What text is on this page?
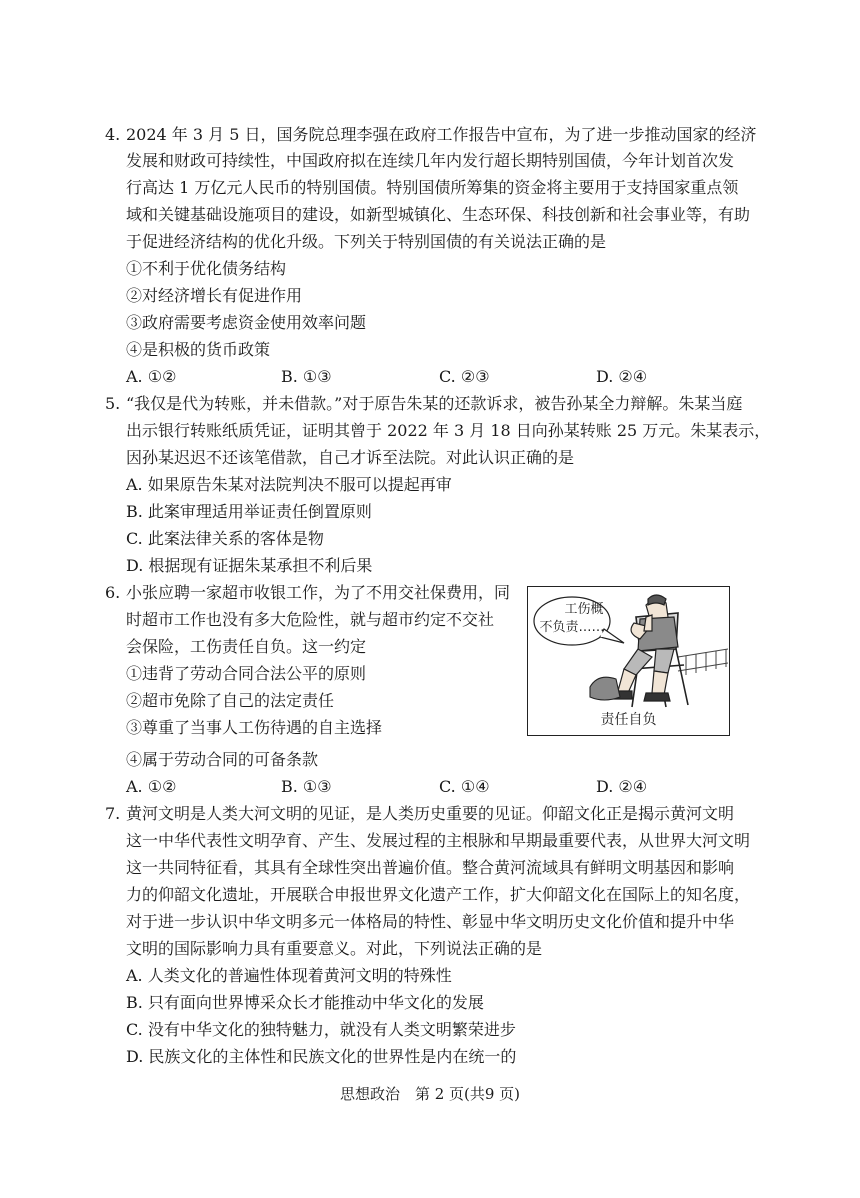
4. 2024 年 3 月 5 日，国务院总理李强在政府工作报告中宣布，为了进一步推动国家的经济
发展和财政可持续性，中国政府拟在连续几年内发行超长期特别国债，今年计划首次发
行高达 1 万亿元人民币的特别国债。特别国债所筹集的资金将主要用于支持国家重点领
域和关键基础设施项目的建设，如新型城镇化、生态环保、科技创新和社会事业等，有助
于促进经济结构的优化升级。下列关于特别国债的有关说法正确的是
①不利于优化债务结构
②对经济增长有促进作用
③政府需要考虑资金使用效率问题
④是积极的货币政策
A. ①②	B. ①③	C. ②③	D. ②④
5. “我仅是代为转账，并未借款。”对于原告朱某的还款诉求，被告孙某全力辩解。朱某当庭
出示银行转账纸质凭证，证明其曾于 2022 年 3 月 18 日向孙某转账 25 万元。朱某表示，
因孙某迟迟不还该笔借款，自己才诉至法院。对此认识正确的是
A. 如果原告朱某对法院判决不服可以提起再审
B. 此案审理适用举证责任倒置原则
C. 此案法律关系的客体是物
D. 根据现有证据朱某承担不利后果
6. 小张应聘一家超市收银工作，为了不用交社保费用，同
时超市工作也没有多大危险性，就与超市约定不交社
会保险，工伤责任自负。这一约定
①违背了劳动合同合法公平的原则
②超市免除了自己的法定责任
③尊重了当事人工伤待遇的自主选择
④属于劳动合同的可备条款
A. ①②	B. ①③	C. ①④	D. ②④
工伤概
不负责……
责任自负
7. 黄河文明是人类大河文明的见证，是人类历史重要的见证。仰韶文化正是揭示黄河文明
这一中华代表性文明孕育、产生、发展过程的主根脉和早期最重要代表，从世界大河文明
这一共同特征看，其具有全球性突出普遍价值。整合黄河流域具有鲜明文明基因和影响
力的仰韶文化遗址，开展联合申报世界文化遗产工作，扩大仰韶文化在国际上的知名度，
对于进一步认识中华文明多元一体格局的特性、彰显中华文明历史文化价值和提升中华
文明的国际影响力具有重要意义。对此，下列说法正确的是
A. 人类文化的普遍性体现着黄河文明的特殊性
B. 只有面向世界博采众长才能推动中华文化的发展
C. 没有中华文化的独特魅力，就没有人类文明繁荣进步
D. 民族文化的主体性和民族文化的世界性是内在统一的
思想政治　第 2 页(共9 页)
